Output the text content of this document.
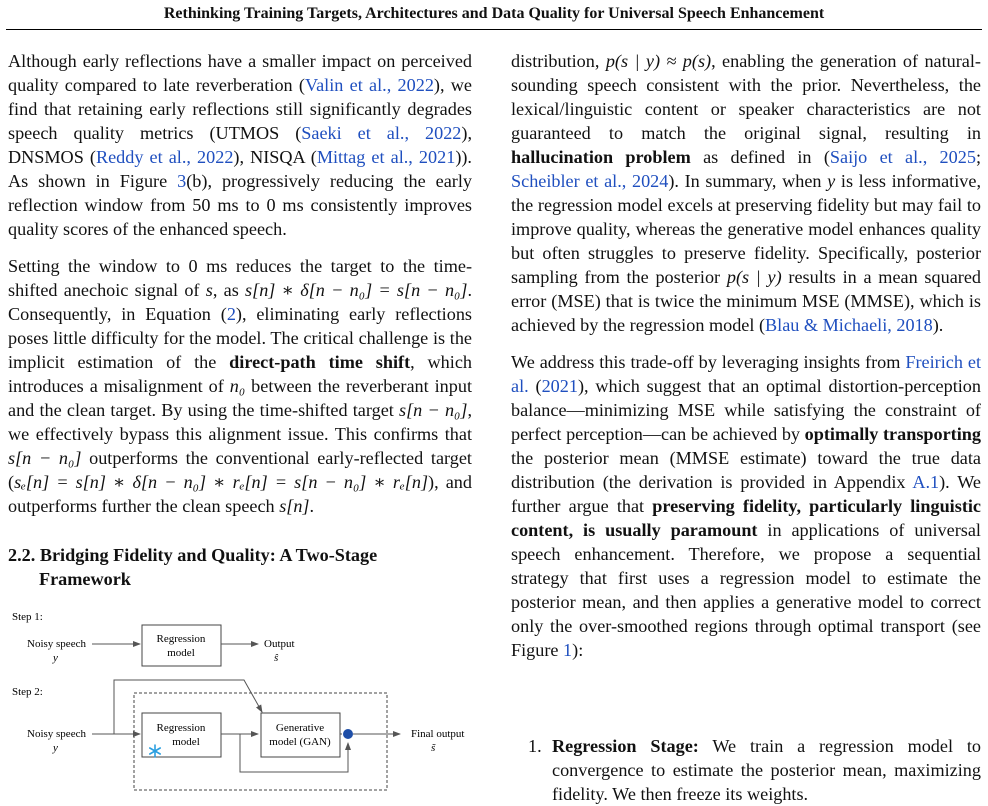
Rethinking Training Targets, Architectures and Data Quality for Universal Speech Enhancement

Although early reflections have a smaller impact on perceived quality compared to late reverberation (Valin et al., 2022), we find that retaining early reflections still significantly degrades speech quality metrics (UTMOS (Saeki et al., 2022), DNSMOS (Reddy et al., 2022), NISQA (Mittag et al., 2021)). As shown in Figure 3(b), progressively reducing the early reflection window from 50 ms to 0 ms consistently improves quality scores of the enhanced speech.

Setting the window to 0 ms reduces the target to the time-shifted anechoic signal of s, as s[n] ∗ δ[n − n₀] = s[n − n₀]. Consequently, in Equation (2), eliminating early reflections poses little difficulty for the model. The critical challenge is the implicit estimation of the direct-path time shift, which introduces a misalignment of n₀ between the reverberant input and the clean target. By using the time-shifted target s[n − n₀], we effectively bypass this alignment issue. This confirms that s[n − n₀] outperforms the conventional early-reflected target (sₑ[n] = s[n] ∗ δ[n − n₀] ∗ rₑ[n] = s[n − n₀] ∗ rₑ[n]), and outperforms further the clean speech s[n].

2.2. Bridging Fidelity and Quality: A Two-Stage
Framework
Step 1:
Noisy speech
y
Regression
model
Output
ŝ
Step 2:
Noisy speech
y
Regression
model
Generative
model (GAN)
Final output
s̃

distribution, p(s | y) ≈ p(s), enabling the generation of natural-sounding speech consistent with the prior. Nevertheless, the lexical/linguistic content or speaker characteristics are not guaranteed to match the original signal, resulting in hallucination problem as defined in (Saijo et al., 2025; Scheibler et al., 2024). In summary, when y is less informative, the regression model excels at preserving fidelity but may fail to improve quality, whereas the generative model enhances quality but often struggles to preserve fidelity. Specifically, posterior sampling from the posterior p(s | y) results in a mean squared error (MSE) that is twice the minimum MSE (MMSE), which is achieved by the regression model (Blau & Michaeli, 2018).

We address this trade-off by leveraging insights from Freirich et al. (2021), which suggest that an optimal distortion-perception balance—minimizing MSE while satisfying the constraint of perfect perception—can be achieved by optimally transporting the posterior mean (MMSE estimate) toward the true data distribution (the derivation is provided in Appendix A.1). We further argue that preserving fidelity, particularly linguistic content, is usually paramount in applications of universal speech enhancement. Therefore, we propose a sequential strategy that first uses a regression model to estimate the posterior mean, and then applies a generative model to correct only the over-smoothed regions through optimal transport (see Figure 1):

1. Regression Stage: We train a regression model to convergence to estimate the posterior mean, maximizing fidelity. We then freeze its weights.
